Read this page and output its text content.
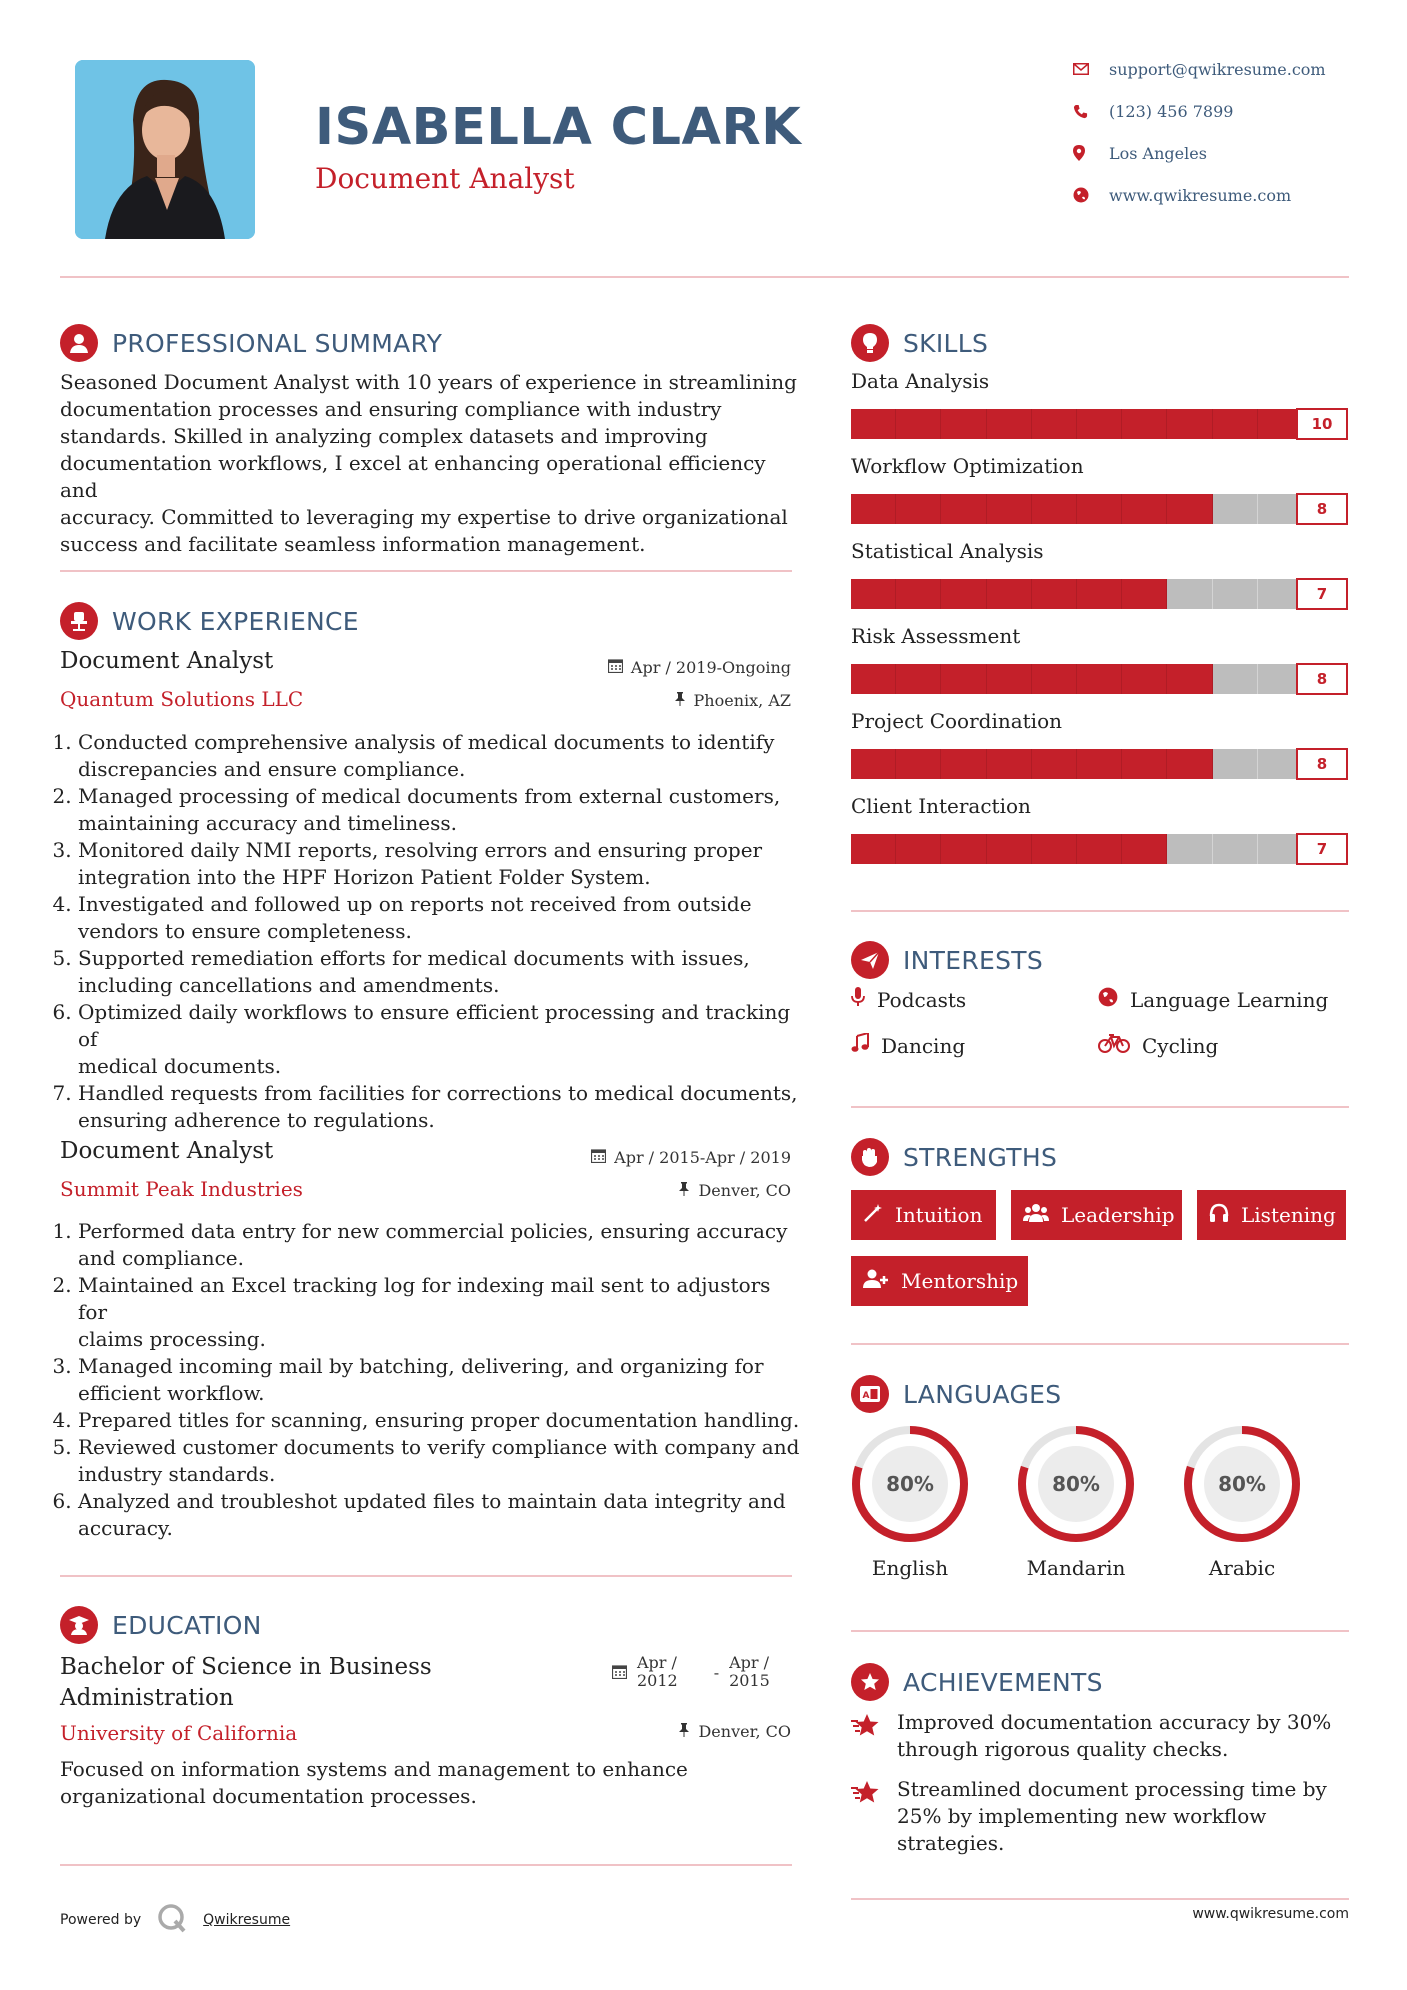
ISABELLA CLARK
Document Analyst
support@qwikresume.com
(123) 456 7899
Los Angeles
www.qwikresume.com
PROFESSIONAL SUMMARY
Seasoned Document Analyst with 10 years of experience in streamlining
documentation processes and ensuring compliance with industry
standards. Skilled in analyzing complex datasets and improving
documentation workflows, I excel at enhancing operational efficiency and
accuracy. Committed to leveraging my expertise to drive organizational
success and facilitate seamless information management.
WORK EXPERIENCE
Document Analyst	Apr / 2019-Ongoing
Quantum Solutions LLC	Phoenix, AZ
1. Conducted comprehensive analysis of medical documents to identify
discrepancies and ensure compliance.
2. Managed processing of medical documents from external customers,
maintaining accuracy and timeliness.
3. Monitored daily NMI reports, resolving errors and ensuring proper
integration into the HPF Horizon Patient Folder System.
4. Investigated and followed up on reports not received from outside
vendors to ensure completeness.
5. Supported remediation efforts for medical documents with issues,
including cancellations and amendments.
6. Optimized daily workflows to ensure efficient processing and tracking of
medical documents.
7. Handled requests from facilities for corrections to medical documents,
ensuring adherence to regulations.
Document Analyst	Apr / 2015-Apr / 2019
Summit Peak Industries	Denver, CO
1. Performed data entry for new commercial policies, ensuring accuracy
and compliance.
2. Maintained an Excel tracking log for indexing mail sent to adjustors for
claims processing.
3. Managed incoming mail by batching, delivering, and organizing for
efficient workflow.
4. Prepared titles for scanning, ensuring proper documentation handling.
5. Reviewed customer documents to verify compliance with company and
industry standards.
6. Analyzed and troubleshot updated files to maintain data integrity and
accuracy.
EDUCATION
Bachelor of Science in Business
Administration
Apr /
2012 -
Apr /
2015
University of California	Denver, CO
Focused on information systems and management to enhance
organizational documentation processes.
SKILLS
Data Analysis
10
Workflow Optimization
8
Statistical Analysis
7
Risk Assessment
8
Project Coordination
8
Client Interaction
7
INTERESTS
Podcasts	Language Learning
Dancing	Cycling
STRENGTHS
Intuition	Leadership	Listening
Mentorship
A LANGUAGES
80%
English
80%
Mandarin
80%
Arabic
ACHIEVEMENTS
Improved documentation accuracy by 30%
through rigorous quality checks.
Streamlined document processing time by
25% by implementing new workflow
strategies.
Powered by	Qwikresume	www.qwikresume.com
